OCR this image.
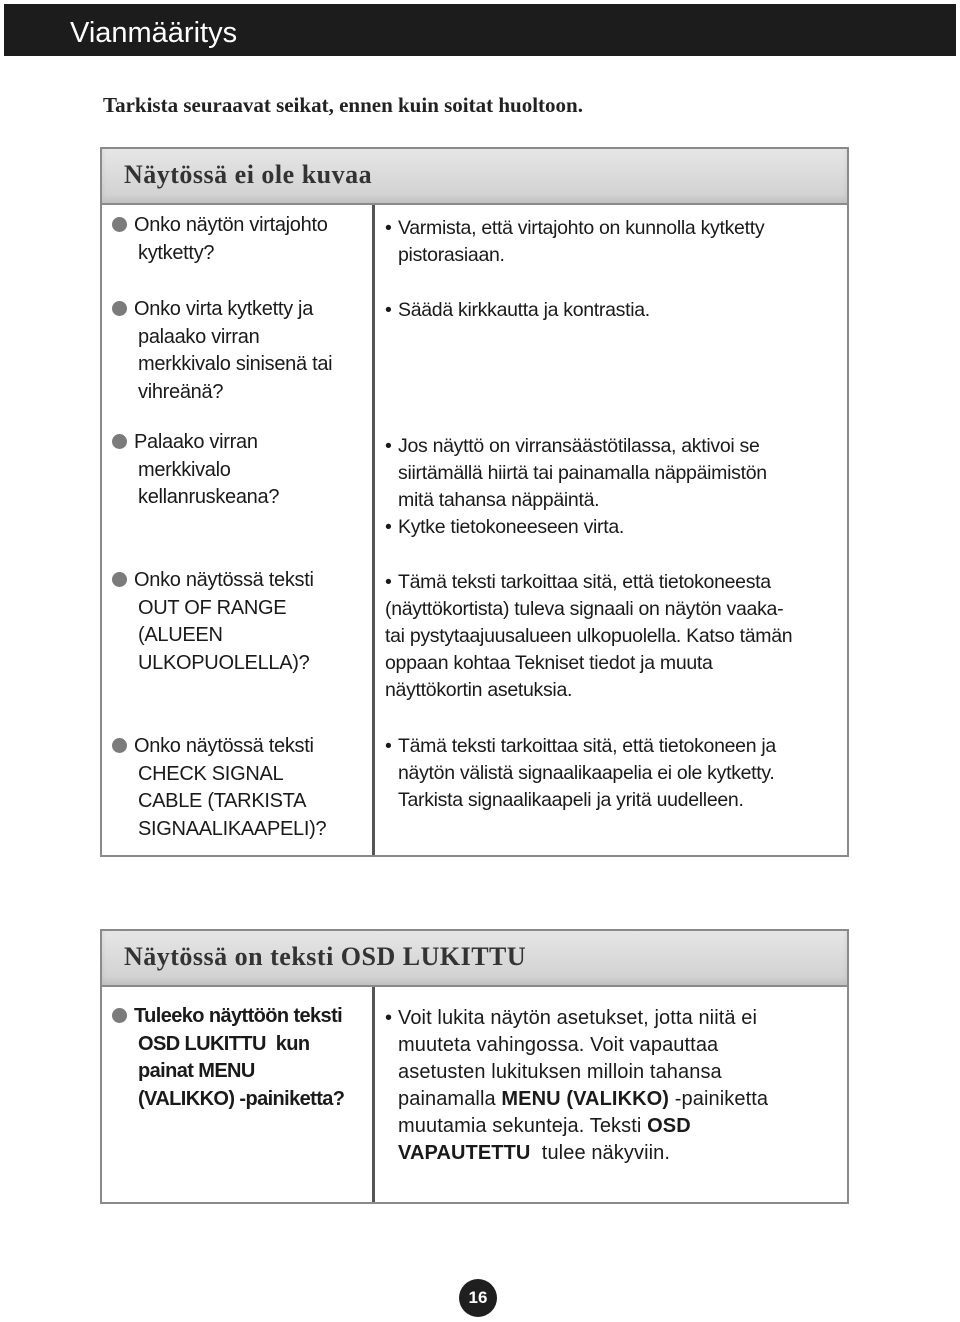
Vianmääritys
Tarkista seuraavat seikat, ennen kuin soitat huoltoon.
Näytössä ei ole kuvaa
Onko näytön virtajohto
kytketty?
• Varmista, että virtajohto on kunnolla kytketty
pistorasiaan.
Onko virta kytketty ja
palaako virran
merkkivalo sinisenä tai
vihreänä?
• Säädä kirkkautta ja kontrastia.
Palaako virran
merkkivalo
kellanruskeana?
• Jos näyttö on virransäästötilassa, aktivoi se
siirtämällä hiirtä tai painamalla näppäimistön
mitä tahansa näppäintä.
• Kytke tietokoneeseen virta.
Onko näytössä teksti
OUT OF RANGE
(ALUEEN
ULKOPUOLELLA)?
• Tämä teksti tarkoittaa sitä, että tietokoneesta
(näyttökortista) tuleva signaali on näytön vaaka-
tai pystytaajuusalueen ulkopuolella. Katso tämän
oppaan kohtaa Tekniset tiedot ja muuta
näyttökortin asetuksia.
Onko näytössä teksti
CHECK SIGNAL
CABLE (TARKISTA
SIGNAALIKAAPELI)?
• Tämä teksti tarkoittaa sitä, että tietokoneen ja
näytön välistä signaalikaapelia ei ole kytketty.
Tarkista signaalikaapeli ja yritä uudelleen.
Näytössä on teksti OSD LUKITTU
Tuleeko näyttöön teksti
OSD LUKITTU  kun
painat MENU
(VALIKKO) -painiketta?
• Voit lukita näytön asetukset, jotta niitä ei
muuteta vahingossa. Voit vapauttaa
asetusten lukituksen milloin tahansa
painamalla MENU (VALIKKO) -painiketta
muutamia sekunteja. Teksti OSD
VAPAUTETTU  tulee näkyviin.
16
